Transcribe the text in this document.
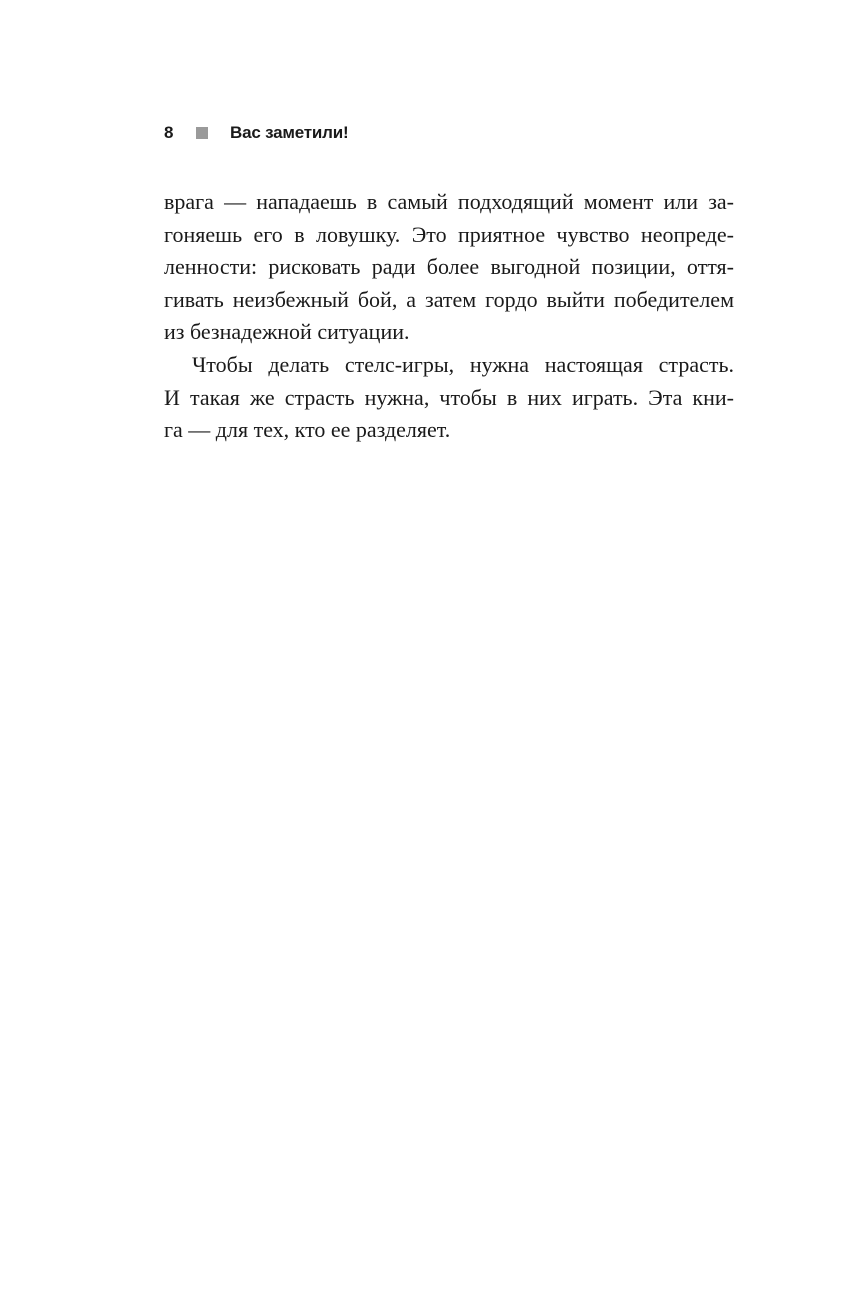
8	Вас заметили!
врага — нападаешь в самый подходящий момент или за-
гоняешь его в ловушку. Это приятное чувство неопреде-
ленности: рисковать ради более выгодной позиции, оття-
гивать неизбежный бой, а затем гордо выйти победителем
из безнадежной ситуации.
Чтобы делать стелс-игры, нужна настоящая страсть.
И такая же страсть нужна, чтобы в них играть. Эта кни-
га — для тех, кто ее разделяет.
